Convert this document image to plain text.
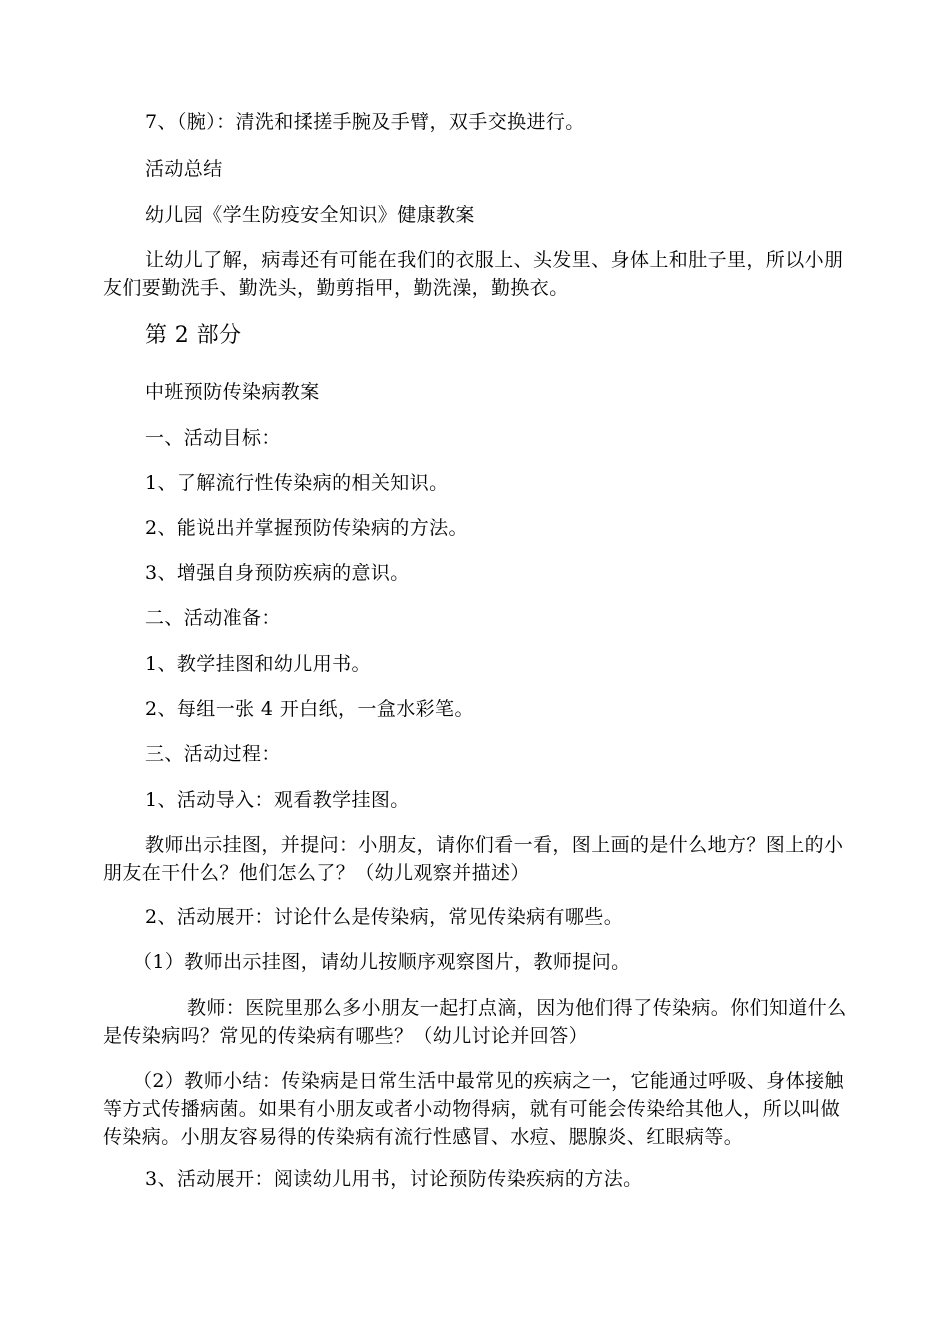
7、（腕）：清洗和揉搓手腕及手臂，双手交换进行。

活动总结

幼儿园《学生防疫安全知识》健康教案

让幼儿了解，病毒还有可能在我们的衣服上、头发里、身体上和肚子里，所以小朋友们要勤洗手、勤洗头，勤剪指甲，勤洗澡，勤换衣。

第 2 部分

中班预防传染病教案

一、活动目标：

1、了解流行性传染病的相关知识。

2、能说出并掌握预防传染病的方法。

3、增强自身预防疾病的意识。

二、活动准备：

1、教学挂图和幼儿用书。

2、每组一张 4 开白纸，一盒水彩笔。

三、活动过程：

1、活动导入：观看教学挂图。

教师出示挂图，并提问：小朋友，请你们看一看，图上画的是什么地方？图上的小朋友在干什么？他们怎么了？（幼儿观察并描述）

2、活动展开：讨论什么是传染病，常见传染病有哪些。

（1）教师出示挂图，请幼儿按顺序观察图片，教师提问。

教师：医院里那么多小朋友一起打点滴，因为他们得了传染病。你们知道什么是传染病吗？常见的传染病有哪些？（幼儿讨论并回答）

（2）教师小结：传染病是日常生活中最常见的疾病之一，它能通过呼吸、身体接触等方式传播病菌。如果有小朋友或者小动物得病，就有可能会传染给其他人，所以叫做传染病。小朋友容易得的传染病有流行性感冒、水痘、腮腺炎、红眼病等。

3、活动展开：阅读幼儿用书，讨论预防传染疾病的方法。
